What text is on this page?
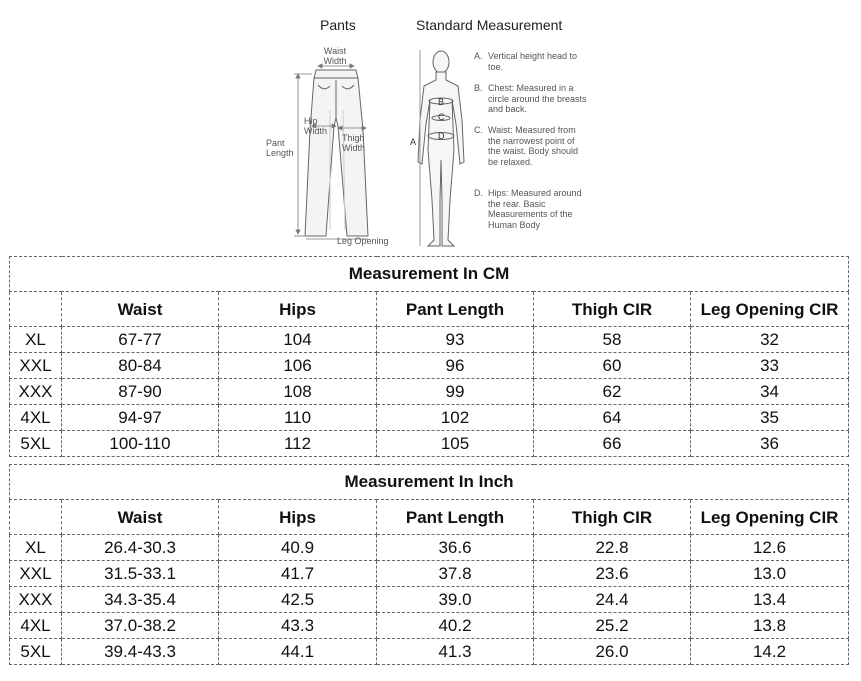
Pants	Standard Measurement
Waist Width
Hip Width
Thigh Width
Pant Length
Leg Opening
B
C
D
A
A. Vertical height head to toe.
B. Chest: Measured in a circle around the breasts and back.
C. Waist: Measured from the narrowest point of the waist. Body should be relaxed.
D. Hips: Measured around the rear. Basic Measurements of the Human Body
Measurement In CM					
	Waist	Hips	Pant Length	Thigh CIR	Leg Opening CIR
XL	67-77	104	93	58	32
XXL	80-84	106	96	60	33
XXX	87-90	108	99	62	34
4XL	94-97	110	102	64	35
5XL	100-110	112	105	66	36
Measurement In Inch					
	Waist	Hips	Pant Length	Thigh CIR	Leg Opening CIR
XL	26.4-30.3	40.9	36.6	22.8	12.6
XXL	31.5-33.1	41.7	37.8	23.6	13.0
XXX	34.3-35.4	42.5	39.0	24.4	13.4
4XL	37.0-38.2	43.3	40.2	25.2	13.8
5XL	39.4-43.3	44.1	41.3	26.0	14.2
